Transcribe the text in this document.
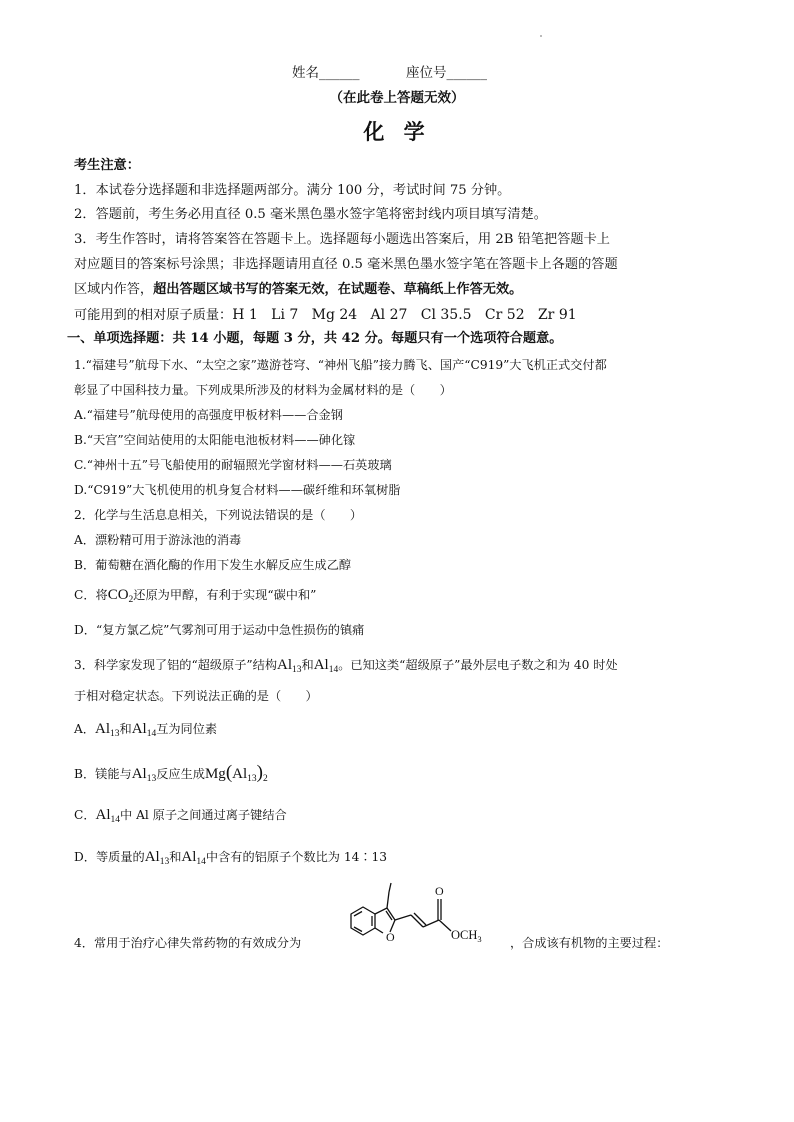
姓名______	座位号______
（在此卷上答题无效）
化 学
考生注意：
1．本试卷分选择题和非选择题两部分。满分 100 分，考试时间 75 分钟。
2．答题前，考生务必用直径 0.5 毫米黑色墨水签字笔将密封线内项目填写清楚。
3．考生作答时，请将答案答在答题卡上。选择题每小题选出答案后，用 2B 铅笔把答题卡上
对应题目的答案标号涂黑；非选择题请用直径 0.5 毫米黑色墨水签字笔在答题卡上各题的答题
区域内作答，超出答题区域书写的答案无效，在试题卷、草稿纸上作答无效。
可能用到的相对原子质量：H 1   Li 7   Mg 24   Al 27   Cl 35.5   Cr 52   Zr 91
一、单项选择题：共 14 小题，每题 3 分，共 42 分。每题只有一个选项符合题意。
1.“福建号”航母下水、“太空之家”遨游苍穹、“神州飞船”接力腾飞、国产“C919”大飞机正式交付都
彰显了中国科技力量。下列成果所涉及的材料为金属材料的是（　　）
A.“福建号”航母使用的高强度甲板材料——合金钢
B.“天宫”空间站使用的太阳能电池板材料——砷化镓
C.“神州十五”号飞船使用的耐辐照光学窗材料——石英玻璃
D.“C919”大飞机使用的机身复合材料——碳纤维和环氧树脂
2．化学与生活息息相关，下列说法错误的是（　　）
A．漂粉精可用于游泳池的消毒
B．葡萄糖在酒化酶的作用下发生水解反应生成乙醇
C．将$CO_2$还原为甲醇，有利于实现“碳中和”
D．“复方氯乙烷”气雾剂可用于运动中急性损伤的镇痛
3．科学家发现了铝的“超级原子”结构$Al_{13}$和$Al_{14}$。已知这类“超级原子”最外层电子数之和为 40 时处
于相对稳定状态。下列说法正确的是（　　）
A．$Al_{13}$和$Al_{14}$互为同位素
B．镁能与$Al_{13}$反应生成$Mg(Al_{13})_2$
C．$Al_{14}$中 Al 原子之间通过离子键结合
D．等质量的$Al_{13}$和$Al_{14}$中含有的铝原子个数比为 14∶13
4．常用于治疗心律失常药物的有效成分为	O
O
$OCH_3$ ，合成该有机物的主要过程：
